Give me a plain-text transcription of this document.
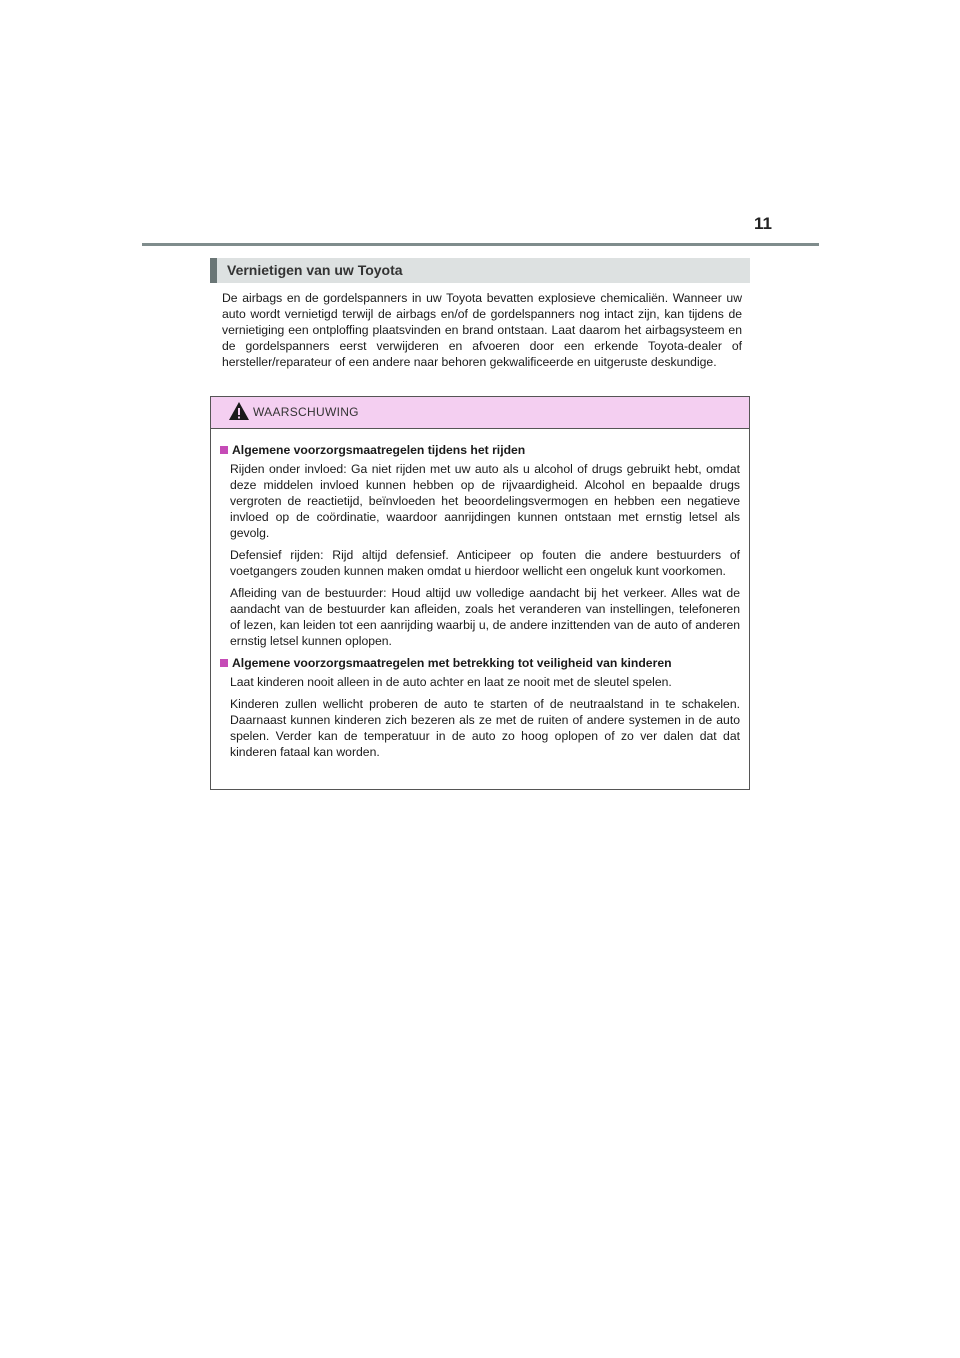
11
Vernietigen van uw Toyota

De airbags en de gordelspanners in uw Toyota bevatten explosieve chemicaliën. Wanneer uw auto wordt vernietigd terwijl de airbags en/of de gordelspanners nog intact zijn, kan tijdens de vernietiging een ontploffing plaatsvinden en brand ontstaan. Laat daarom het airbagsysteem en de gordelspanners eerst verwijderen en afvoeren door een erkende Toyota-dealer of hersteller/reparateur of een andere naar behoren gekwalificeerde en uitgeruste deskundige.

WAARSCHUWING
Algemene voorzorgsmaatregelen tijdens het rijden

Rijden onder invloed: Ga niet rijden met uw auto als u alcohol of drugs gebruikt hebt, omdat deze middelen invloed kunnen hebben op de rijvaardigheid. Alcohol en bepaalde drugs vergroten de reactietijd, beïnvloeden het beoordelingsvermogen en hebben een negatieve invloed op de coördinatie, waardoor aanrijdingen kunnen ontstaan met ernstig letsel als gevolg.

Defensief rijden: Rijd altijd defensief. Anticipeer op fouten die andere bestuurders of voetgangers zouden kunnen maken omdat u hierdoor wellicht een ongeluk kunt voorkomen.

Afleiding van de bestuurder: Houd altijd uw volledige aandacht bij het verkeer. Alles wat de aandacht van de bestuurder kan afleiden, zoals het veranderen van instellingen, telefoneren of lezen, kan leiden tot een aanrijding waarbij u, de andere inzittenden van de auto of anderen ernstig letsel kunnen oplopen.

Algemene voorzorgsmaatregelen met betrekking tot veiligheid van kinderen

Laat kinderen nooit alleen in de auto achter en laat ze nooit met de sleutel spelen.

Kinderen zullen wellicht proberen de auto te starten of de neutraalstand in te schakelen. Daarnaast kunnen kinderen zich bezeren als ze met de ruiten of andere systemen in de auto spelen. Verder kan de temperatuur in de auto zo hoog oplopen of zo ver dalen dat dat kinderen fataal kan worden.
